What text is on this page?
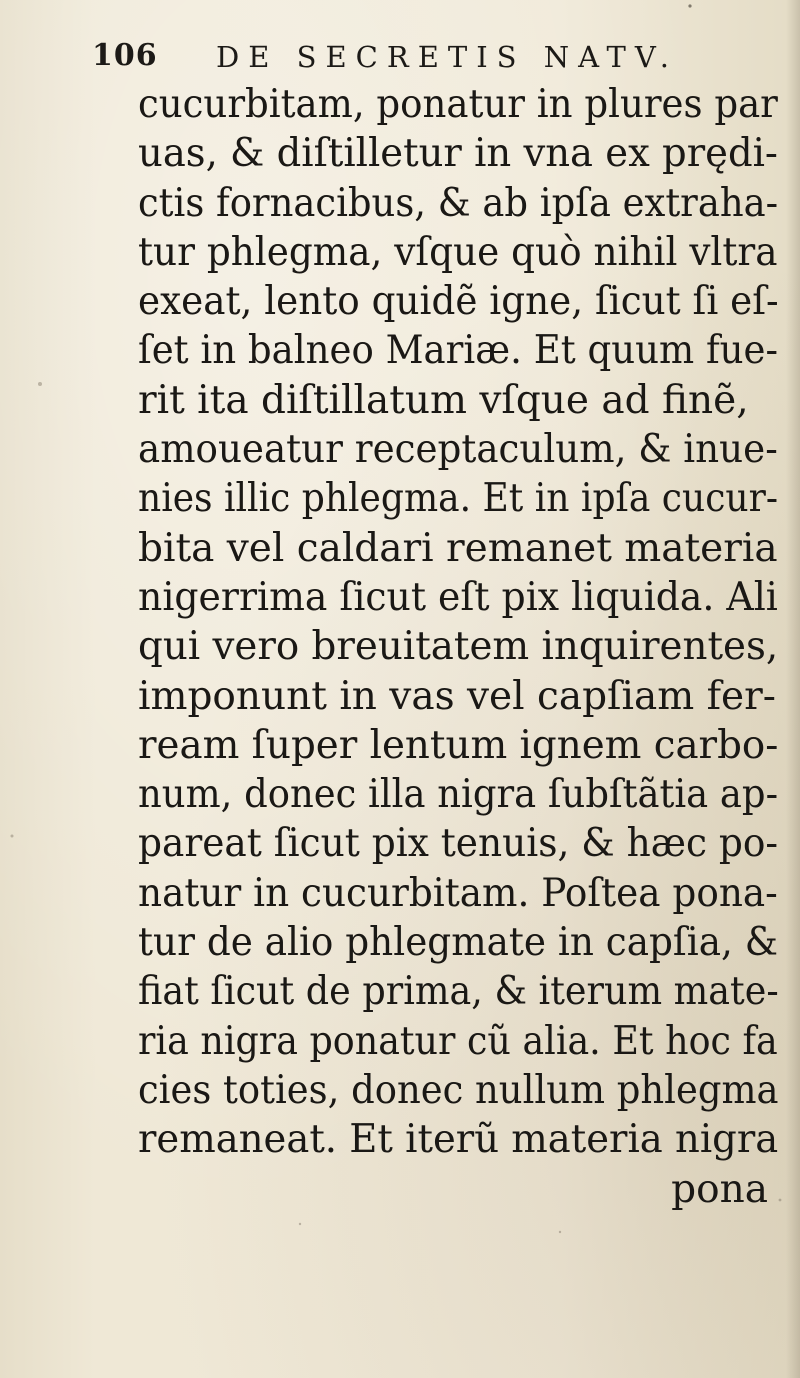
106 DE SECRETIS NATV.
cucurbitam, ponatur in plures par
uas, & diſtilletur in vna ex prędi-
ctis fornacibus, & ab ipſa extraha-
tur phlegma, vſque quò nihil vltra
exeat, lento quidẽ igne, ſicut ſi eſ-
ſet in balneo Mariæ. Et quum fue-
rit ita diſtillatum vſque ad finẽ,
amoueatur receptaculum, & inue-
nies illic phlegma. Et in ipſa cucur-
bita vel caldari remanet materia
nigerrima ſicut eſt pix liquida. Ali
qui vero breuitatem inquirentes,
imponunt in vas vel capſiam fer-
ream ſuper lentum ignem carbo-
num, donec illa nigra ſubſtãtia ap-
pareat ſicut pix tenuis, & hæc po-
natur in cucurbitam. Poſtea pona-
tur de alio phlegmate in capſia, &
fiat ſicut de prima, & iterum mate-
ria nigra ponatur cũ alia. Et hoc fa
cies toties, donec nullum phlegma
remaneat. Et iterũ materia nigra
pona
